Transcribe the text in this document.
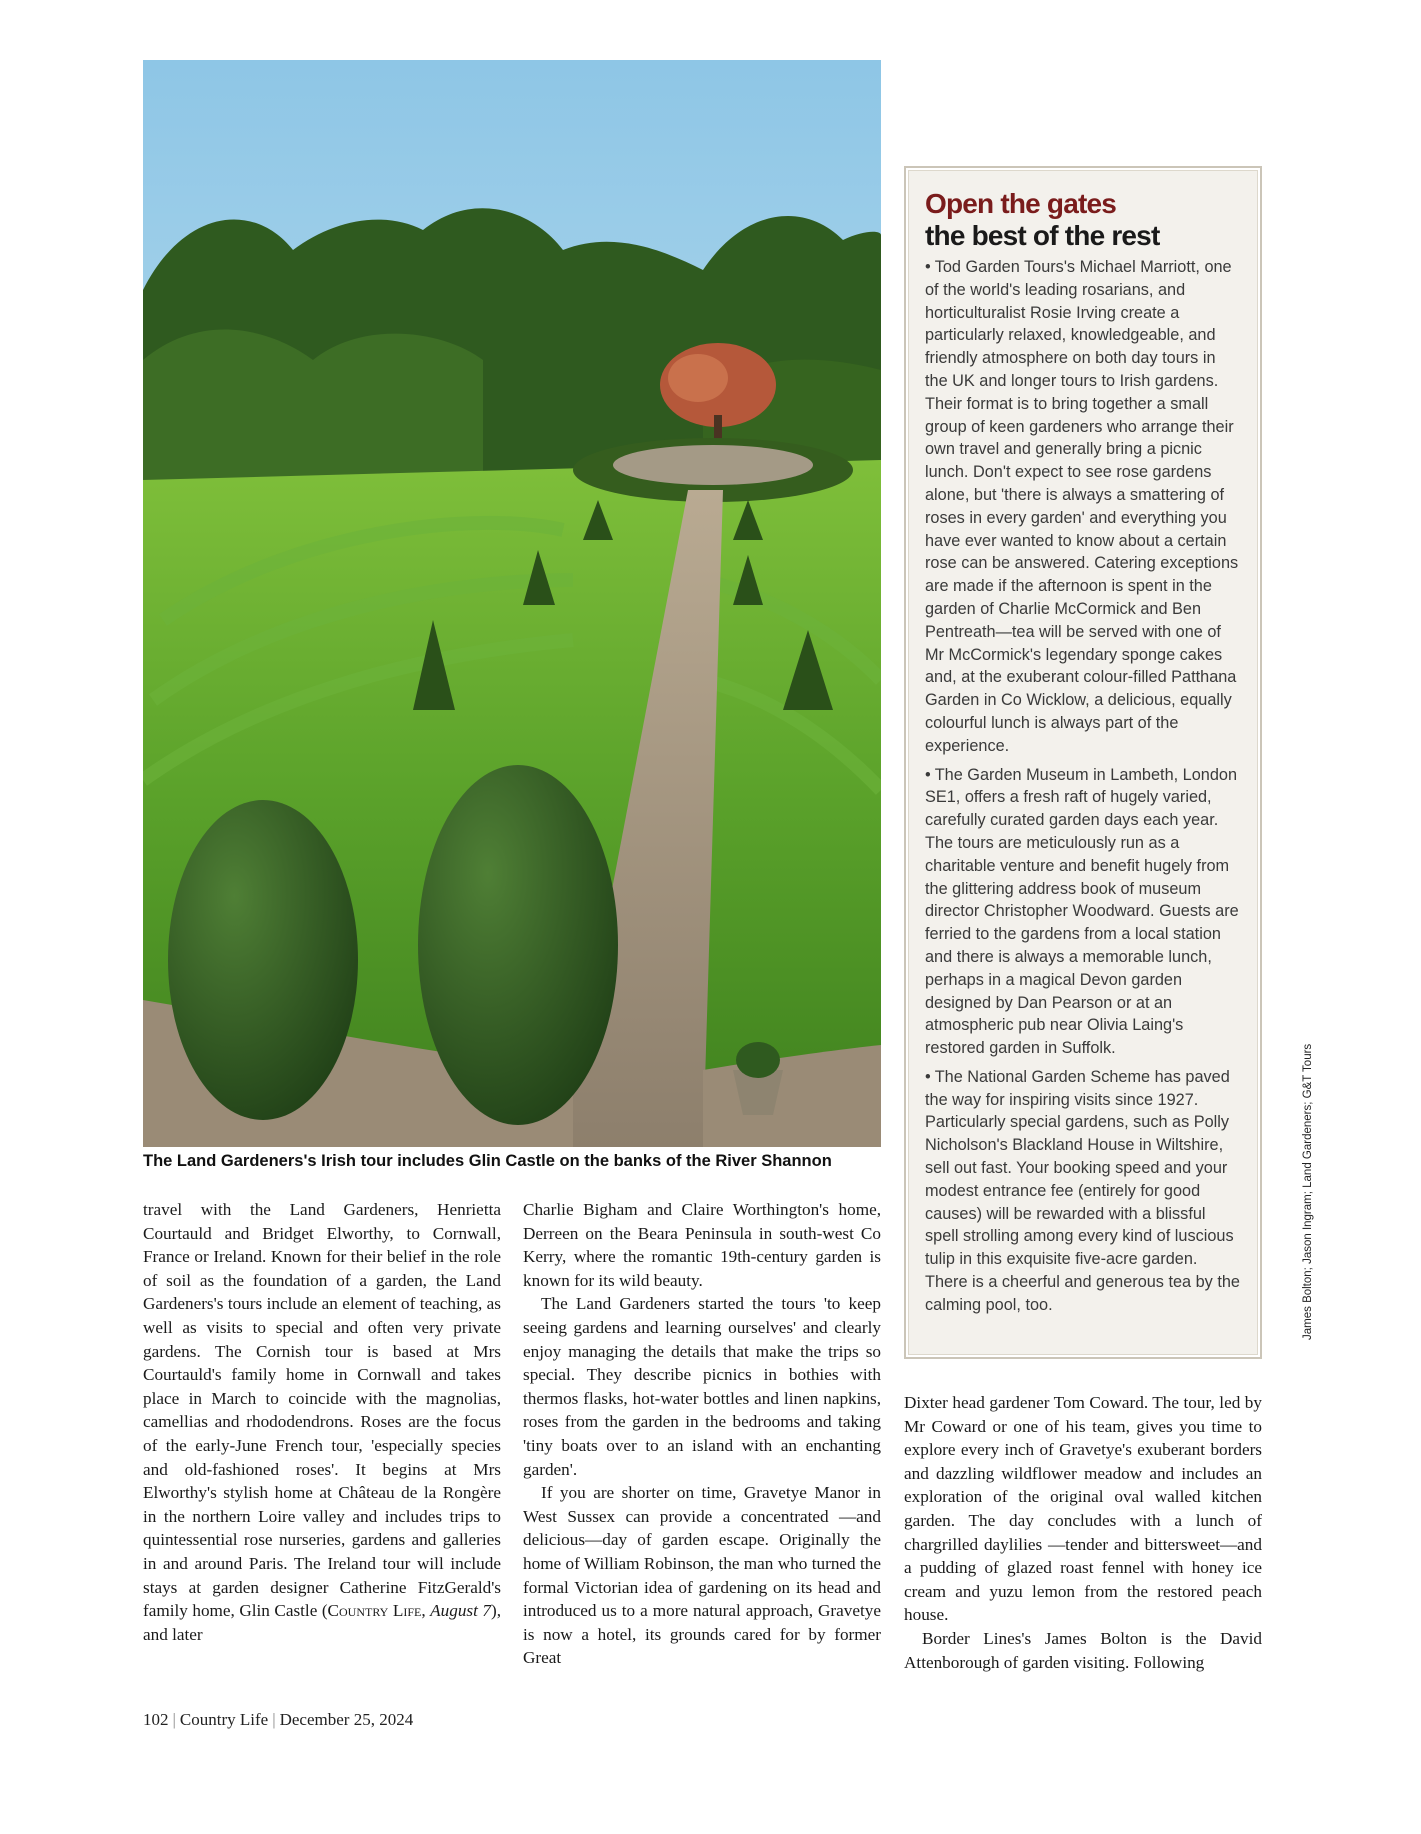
The Land Gardeners's Irish tour includes Glin Castle on the banks of the River Shannon

travel with the Land Gardeners, Henrietta Courtauld and Bridget Elworthy, to Cornwall, France or Ireland. Known for their belief in the role of soil as the foundation of a garden, the Land Gardeners's tours include an element of teaching, as well as visits to special and often very private gardens. The Cornish tour is based at Mrs Courtauld's family home in Cornwall and takes place in March to coincide with the magnolias, camellias and rhododendrons. Roses are the focus of the early-June French tour, 'especially species and old-fashioned roses'. It begins at Mrs Elworthy's stylish home at Château de la Rongère in the northern Loire valley and includes trips to quintessential rose nurseries, gardens and galleries in and around Paris. The Ireland tour will include stays at garden designer Catherine FitzGerald's family home, Glin Castle (Country Life, August 7), and later

Charlie Bigham and Claire Worthington's home, Derreen on the Beara Peninsula in south-west Co Kerry, where the romantic 19th-century garden is known for its wild beauty.

The Land Gardeners started the tours 'to keep seeing gardens and learning ourselves' and clearly enjoy managing the details that make the trips so special. They describe picnics in bothies with thermos flasks, hot-water bottles and linen napkins, roses from the garden in the bedrooms and taking 'tiny boats over to an island with an enchanting garden'.

If you are shorter on time, Gravetye Manor in West Sussex can provide a concentrated —and delicious—day of garden escape. Originally the home of William Robinson, the man who turned the formal Victorian idea of gardening on its head and introduced us to a more natural approach, Gravetye is now a hotel, its grounds cared for by former Great

Dixter head gardener Tom Coward. The tour, led by Mr Coward or one of his team, gives you time to explore every inch of Gravetye's exuberant borders and dazzling wildflower meadow and includes an exploration of the original oval walled kitchen garden. The day concludes with a lunch of chargrilled daylilies —tender and bittersweet—and a pudding of glazed roast fennel with honey ice cream and yuzu lemon from the restored peach house.

Border Lines's James Bolton is the David Attenborough of garden visiting. Following

Open the gates
the best of the rest

• Tod Garden Tours's Michael Marriott, one of the world's leading rosarians, and horticulturalist Rosie Irving create a particularly relaxed, knowledgeable, and friendly atmosphere on both day tours in the UK and longer tours to Irish gardens. Their format is to bring together a small group of keen gardeners who arrange their own travel and generally bring a picnic lunch. Don't expect to see rose gardens alone, but 'there is always a smattering of roses in every garden' and everything you have ever wanted to know about a certain rose can be answered. Catering exceptions are made if the afternoon is spent in the garden of Charlie McCormick and Ben Pentreath—tea will be served with one of Mr McCormick's legendary sponge cakes and, at the exuberant colour-filled Patthana Garden in Co Wicklow, a delicious, equally colourful lunch is always part of the experience.

• The Garden Museum in Lambeth, London SE1, offers a fresh raft of hugely varied, carefully curated garden days each year. The tours are meticulously run as a charitable venture and benefit hugely from the glittering address book of museum director Christopher Woodward. Guests are ferried to the gardens from a local station and there is always a memorable lunch, perhaps in a magical Devon garden designed by Dan Pearson or at an atmospheric pub near Olivia Laing's restored garden in Suffolk.

• The National Garden Scheme has paved the way for inspiring visits since 1927. Particularly special gardens, such as Polly Nicholson's Blackland House in Wiltshire, sell out fast. Your booking speed and your modest entrance fee (entirely for good causes) will be rewarded with a blissful spell strolling among every kind of luscious tulip in this exquisite five-acre garden. There is a cheerful and generous tea by the calming pool, too.	James Bolton; Jason Ingram; Land Gardeners; G&T Tours
102 | Country Life | December 25, 2024
